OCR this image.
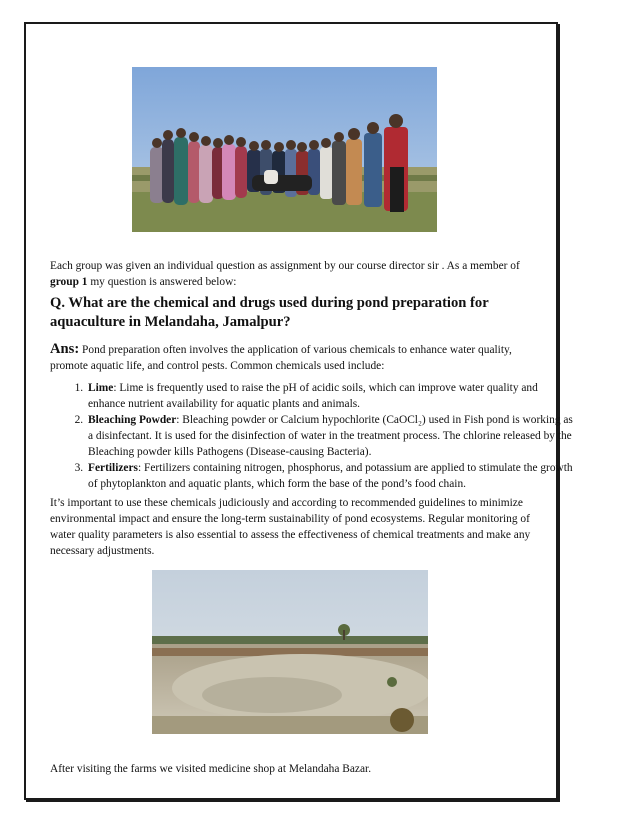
Each group was given an individual question as assignment by our course director sir . As a member of group 1 my question is answered below:

Q. What are the chemical and drugs used during pond preparation for aquaculture in Melandaha, Jamalpur?

Ans: Pond preparation often involves the application of various chemicals to enhance water quality, promote aquatic life, and control pests. Common chemicals used include:

1. Lime: Lime is frequently used to raise the pH of acidic soils, which can improve water quality and enhance nutrient availability for aquatic plants and animals.
2. Bleaching Powder: Bleaching powder or Calcium hypochlorite (CaOCl₂) used in Fish pond is working as a disinfectant. It is used for the disinfection of water in the treatment process. The chlorine released by the Bleaching powder kills Pathogens (Disease-causing Bacteria).
3. Fertilizers: Fertilizers containing nitrogen, phosphorus, and potassium are applied to stimulate the growth of phytoplankton and aquatic plants, which form the base of the pond’s food chain.

It’s important to use these chemicals judiciously and according to recommended guidelines to minimize environmental impact and ensure the long-term sustainability of pond ecosystems. Regular monitoring of water quality parameters is also essential to assess the effectiveness of chemical treatments and make any necessary adjustments.

After visiting the farms we visited medicine shop at Melandaha Bazar.
